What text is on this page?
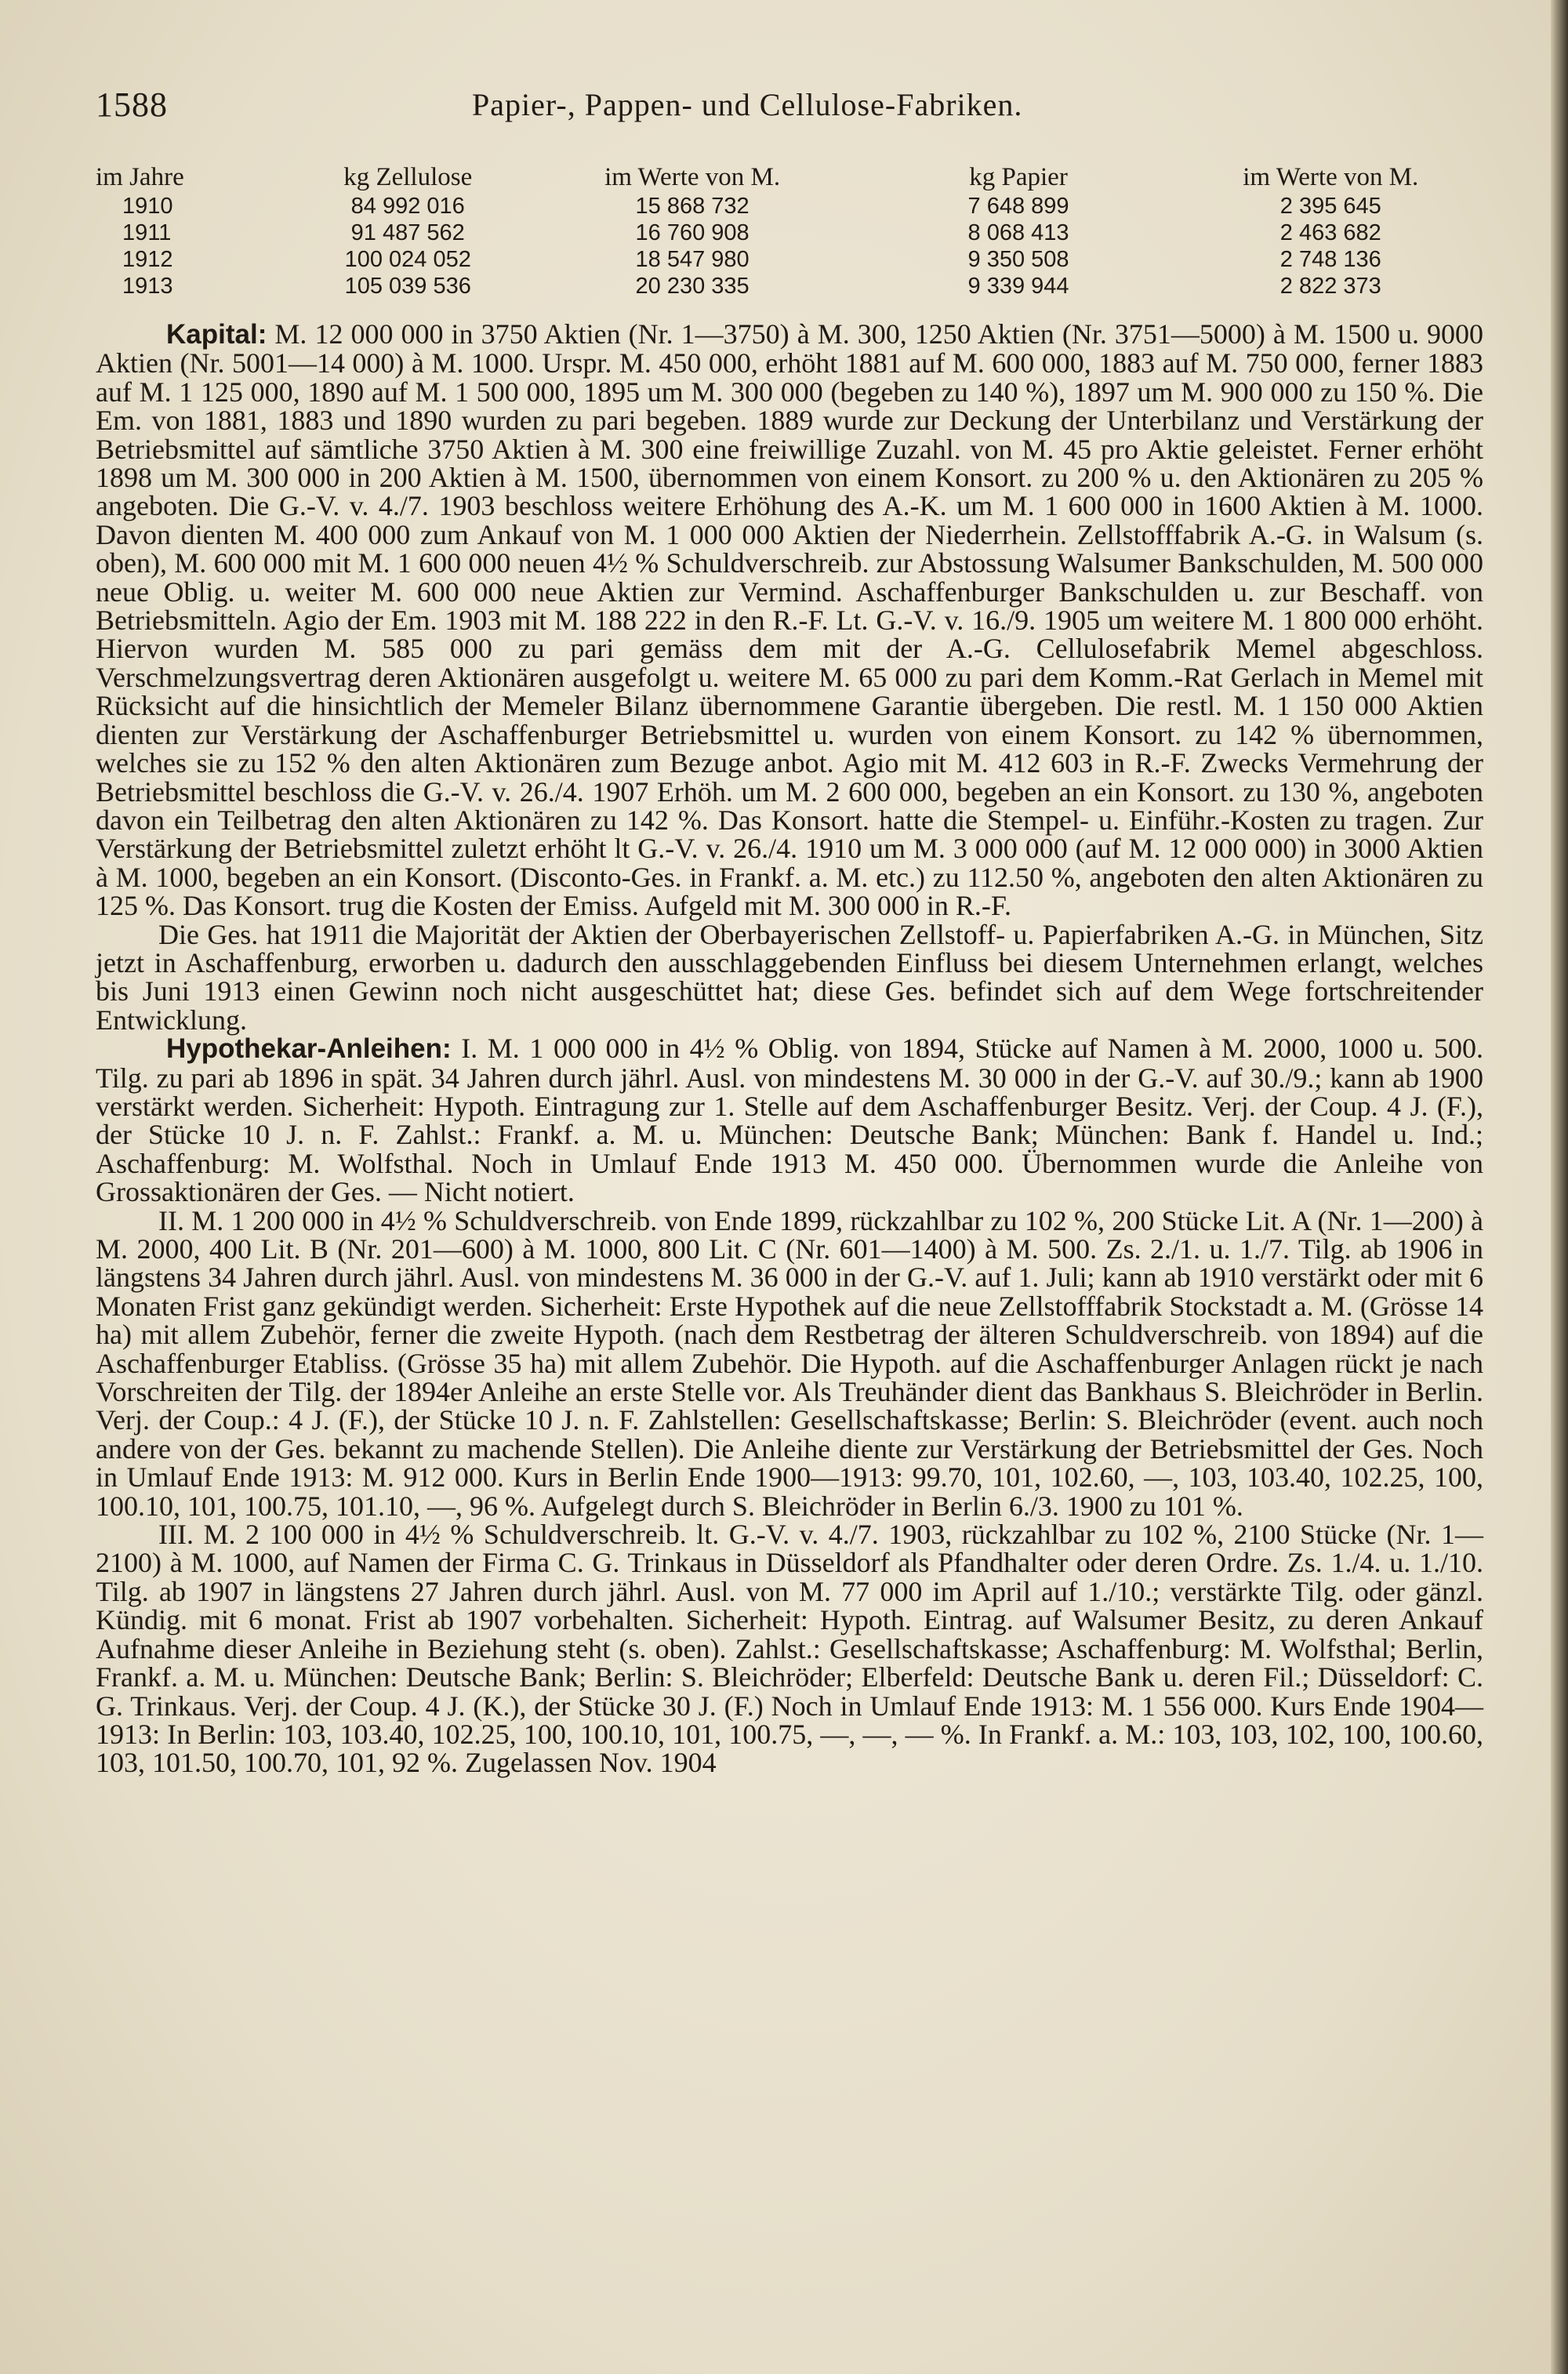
1588	Papier-, Pappen- und Cellulose-Fabriken.
im Jahre	kg Zellulose	im Werte von M.	kg Papier	im Werte von M.
1910	84 992 016	15 868 732	7 648 899	2 395 645
1911	91 487 562	16 760 908	8 068 413	2 463 682
1912	100 024 052	18 547 980	9 350 508	2 748 136
1913	105 039 536	20 230 335	9 339 944	2 822 373

Kapital: M. 12 000 000 in 3750 Aktien (Nr. 1—3750) à M. 300, 1250 Aktien (Nr. 3751—5000) à M. 1500 u. 9000 Aktien (Nr. 5001—14 000) à M. 1000. Urspr. M. 450 000, erhöht 1881 auf M. 600 000, 1883 auf M. 750 000, ferner 1883 auf M. 1 125 000, 1890 auf M. 1 500 000, 1895 um M. 300 000 (begeben zu 140 %), 1897 um M. 900 000 zu 150 %. Die Em. von 1881, 1883 und 1890 wurden zu pari begeben. 1889 wurde zur Deckung der Unterbilanz und Verstärkung der Betriebsmittel auf sämtliche 3750 Aktien à M. 300 eine freiwillige Zuzahl. von M. 45 pro Aktie geleistet. Ferner erhöht 1898 um M. 300 000 in 200 Aktien à M. 1500, übernommen von einem Konsort. zu 200 % u. den Aktionären zu 205 % angeboten. Die G.-V. v. 4./7. 1903 beschloss weitere Erhöhung des A.-K. um M. 1 600 000 in 1600 Aktien à M. 1000. Davon dienten M. 400 000 zum Ankauf von M. 1 000 000 Aktien der Niederrhein. Zellstofffabrik A.-G. in Walsum (s. oben), M. 600 000 mit M. 1 600 000 neuen 4½ % Schuldverschreib. zur Abstossung Walsumer Bankschulden, M. 500 000 neue Oblig. u. weiter M. 600 000 neue Aktien zur Vermind. Aschaffenburger Bankschulden u. zur Beschaff. von Betriebsmitteln. Agio der Em. 1903 mit M. 188 222 in den R.-F. Lt. G.-V. v. 16./9. 1905 um weitere M. 1 800 000 erhöht. Hiervon wurden M. 585 000 zu pari gemäss dem mit der A.-G. Cellulosefabrik Memel abgeschloss. Verschmelzungsvertrag deren Aktionären ausgefolgt u. weitere M. 65 000 zu pari dem Komm.-Rat Gerlach in Memel mit Rücksicht auf die hinsichtlich der Memeler Bilanz übernommene Garantie übergeben. Die restl. M. 1 150 000 Aktien dienten zur Verstärkung der Aschaffenburger Betriebsmittel u. wurden von einem Konsort. zu 142 % übernommen, welches sie zu 152 % den alten Aktionären zum Bezuge anbot. Agio mit M. 412 603 in R.-F. Zwecks Vermehrung der Betriebsmittel beschloss die G.-V. v. 26./4. 1907 Erhöh. um M. 2 600 000, begeben an ein Konsort. zu 130 %, angeboten davon ein Teilbetrag den alten Aktionären zu 142 %. Das Konsort. hatte die Stempel- u. Einführ.-Kosten zu tragen. Zur Verstärkung der Betriebsmittel zuletzt erhöht lt G.-V. v. 26./4. 1910 um M. 3 000 000 (auf M. 12 000 000) in 3000 Aktien à M. 1000, begeben an ein Konsort. (Disconto-Ges. in Frankf. a. M. etc.) zu 112.50 %, angeboten den alten Aktionären zu 125 %. Das Konsort. trug die Kosten der Emiss. Aufgeld mit M. 300 000 in R.-F.

Die Ges. hat 1911 die Majorität der Aktien der Oberbayerischen Zellstoff- u. Papierfabriken A.-G. in München, Sitz jetzt in Aschaffenburg, erworben u. dadurch den ausschlaggebenden Einfluss bei diesem Unternehmen erlangt, welches bis Juni 1913 einen Gewinn noch nicht ausgeschüttet hat; diese Ges. befindet sich auf dem Wege fortschreitender Entwicklung.

Hypothekar-Anleihen: I. M. 1 000 000 in 4½ % Oblig. von 1894, Stücke auf Namen à M. 2000, 1000 u. 500. Tilg. zu pari ab 1896 in spät. 34 Jahren durch jährl. Ausl. von mindestens M. 30 000 in der G.-V. auf 30./9.; kann ab 1900 verstärkt werden. Sicherheit: Hypoth. Eintragung zur 1. Stelle auf dem Aschaffenburger Besitz. Verj. der Coup. 4 J. (F.), der Stücke 10 J. n. F. Zahlst.: Frankf. a. M. u. München: Deutsche Bank; München: Bank f. Handel u. Ind.; Aschaffenburg: M. Wolfsthal. Noch in Umlauf Ende 1913 M. 450 000. Übernommen wurde die Anleihe von Grossaktionären der Ges. — Nicht notiert.

II. M. 1 200 000 in 4½ % Schuldverschreib. von Ende 1899, rückzahlbar zu 102 %, 200 Stücke Lit. A (Nr. 1—200) à M. 2000, 400 Lit. B (Nr. 201—600) à M. 1000, 800 Lit. C (Nr. 601—1400) à M. 500. Zs. 2./1. u. 1./7. Tilg. ab 1906 in längstens 34 Jahren durch jährl. Ausl. von mindestens M. 36 000 in der G.-V. auf 1. Juli; kann ab 1910 verstärkt oder mit 6 Monaten Frist ganz gekündigt werden. Sicherheit: Erste Hypothek auf die neue Zellstofffabrik Stockstadt a. M. (Grösse 14 ha) mit allem Zubehör, ferner die zweite Hypoth. (nach dem Restbetrag der älteren Schuldverschreib. von 1894) auf die Aschaffenburger Etabliss. (Grösse 35 ha) mit allem Zubehör. Die Hypoth. auf die Aschaffenburger Anlagen rückt je nach Vorschreiten der Tilg. der 1894er Anleihe an erste Stelle vor. Als Treuhänder dient das Bankhaus S. Bleichröder in Berlin. Verj. der Coup.: 4 J. (F.), der Stücke 10 J. n. F. Zahlstellen: Gesellschaftskasse; Berlin: S. Bleichröder (event. auch noch andere von der Ges. bekannt zu machende Stellen). Die Anleihe diente zur Verstärkung der Betriebsmittel der Ges. Noch in Umlauf Ende 1913: M. 912 000. Kurs in Berlin Ende 1900—1913: 99.70, 101, 102.60, —, 103, 103.40, 102.25, 100, 100.10, 101, 100.75, 101.10, —, 96 %. Aufgelegt durch S. Bleichröder in Berlin 6./3. 1900 zu 101 %.

III. M. 2 100 000 in 4½ % Schuldverschreib. lt. G.-V. v. 4./7. 1903, rückzahlbar zu 102 %, 2100 Stücke (Nr. 1—2100) à M. 1000, auf Namen der Firma C. G. Trinkaus in Düsseldorf als Pfandhalter oder deren Ordre. Zs. 1./4. u. 1./10. Tilg. ab 1907 in längstens 27 Jahren durch jährl. Ausl. von M. 77 000 im April auf 1./10.; verstärkte Tilg. oder gänzl. Kündig. mit 6 monat. Frist ab 1907 vorbehalten. Sicherheit: Hypoth. Eintrag. auf Walsumer Besitz, zu deren Ankauf Aufnahme dieser Anleihe in Beziehung steht (s. oben). Zahlst.: Gesellschaftskasse; Aschaffenburg: M. Wolfsthal; Berlin, Frankf. a. M. u. München: Deutsche Bank; Berlin: S. Bleichröder; Elberfeld: Deutsche Bank u. deren Fil.; Düsseldorf: C. G. Trinkaus. Verj. der Coup. 4 J. (K.), der Stücke 30 J. (F.) Noch in Umlauf Ende 1913: M. 1 556 000. Kurs Ende 1904—1913: In Berlin: 103, 103.40, 102.25, 100, 100.10, 101, 100.75, —, —, — %. In Frankf. a. M.: 103, 103, 102, 100, 100.60, 103, 101.50, 100.70, 101, 92 %. Zugelassen Nov. 1904
